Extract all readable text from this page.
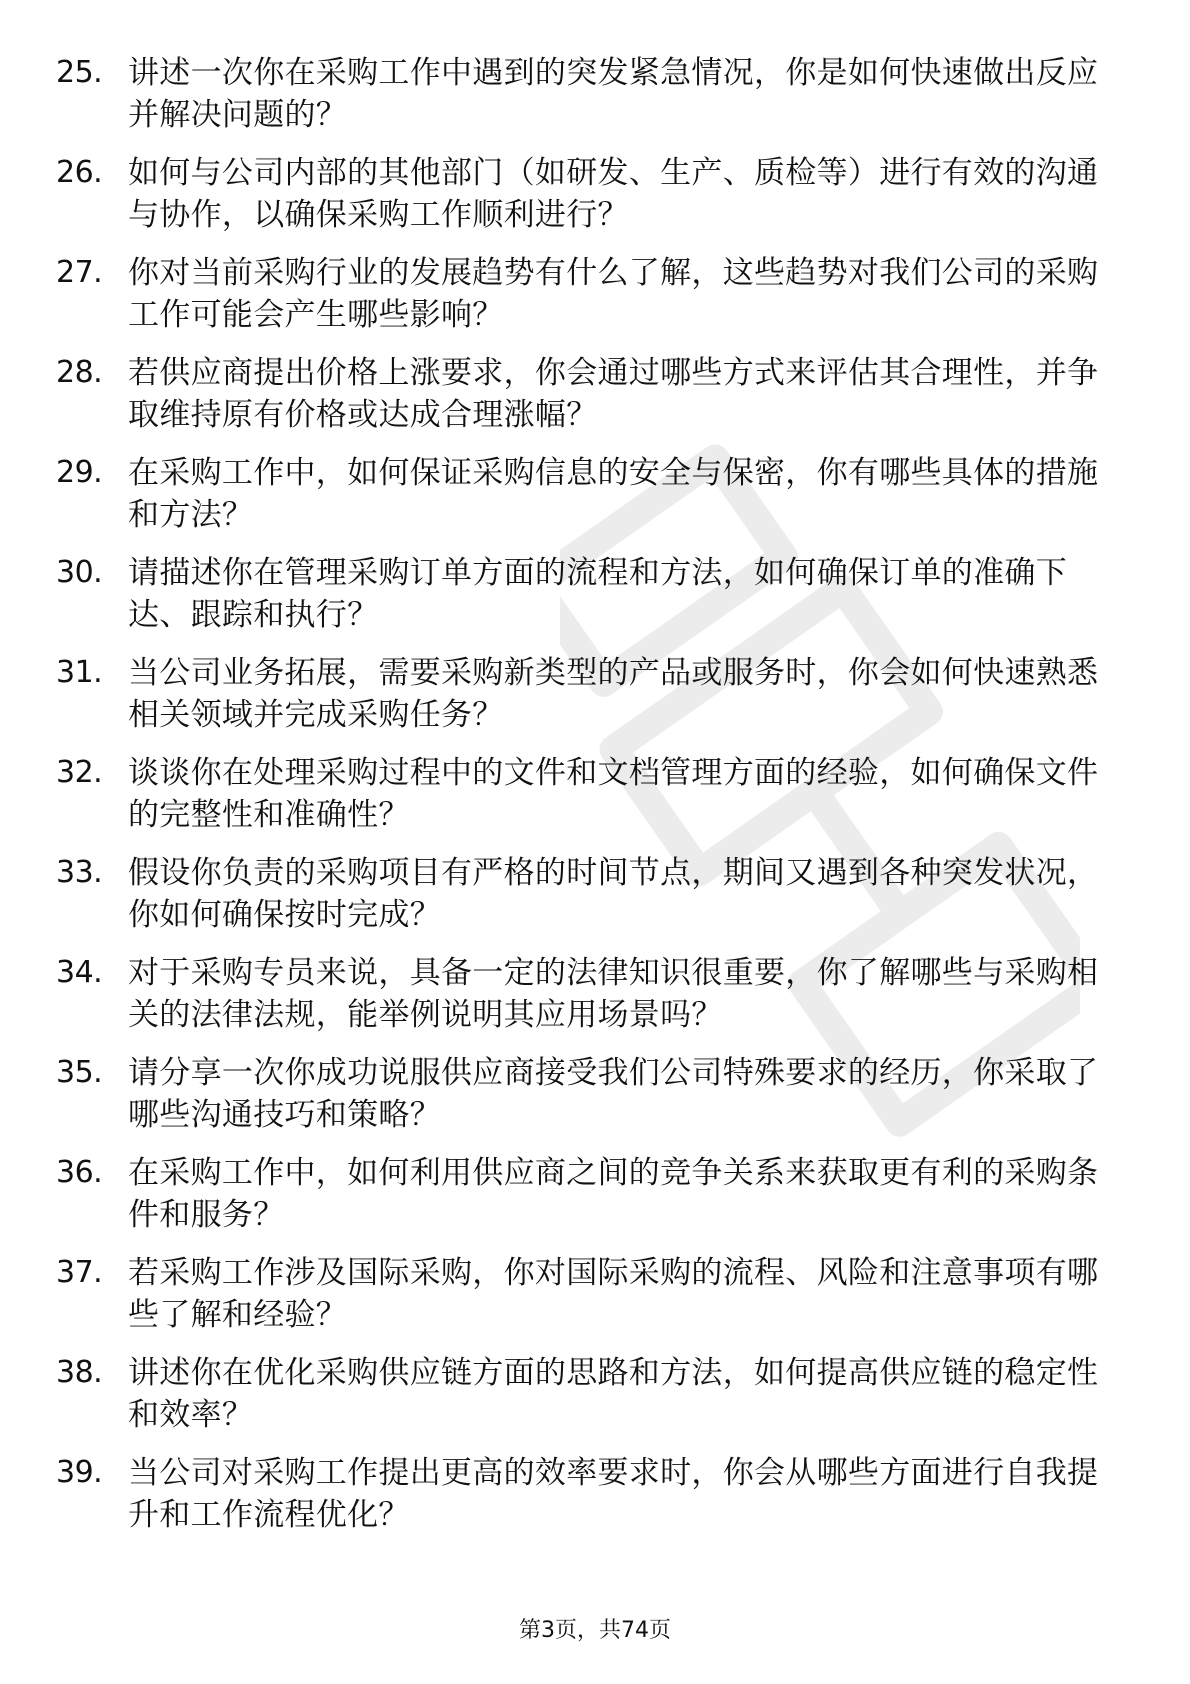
25. 讲述一次你在采购工作中遇到的突发紧急情况，你是如何快速做出反应并解决问题的？
26. 如何与公司内部的其他部门（如研发、生产、质检等）进行有效的沟通与协作，以确保采购工作顺利进行？
27. 你对当前采购行业的发展趋势有什么了解，这些趋势对我们公司的采购工作可能会产生哪些影响？
28. 若供应商提出价格上涨要求，你会通过哪些方式来评估其合理性，并争取维持原有价格或达成合理涨幅？
29. 在采购工作中，如何保证采购信息的安全与保密，你有哪些具体的措施和方法？
30. 请描述你在管理采购订单方面的流程和方法，如何确保订单的准确下达、跟踪和执行？
31. 当公司业务拓展，需要采购新类型的产品或服务时，你会如何快速熟悉相关领域并完成采购任务？
32. 谈谈你在处理采购过程中的文件和文档管理方面的经验，如何确保文件的完整性和准确性？
33. 假设你负责的采购项目有严格的时间节点，期间又遇到各种突发状况，你如何确保按时完成？
34. 对于采购专员来说，具备一定的法律知识很重要，你了解哪些与采购相关的法律法规，能举例说明其应用场景吗？
35. 请分享一次你成功说服供应商接受我们公司特殊要求的经历，你采取了哪些沟通技巧和策略？
36. 在采购工作中，如何利用供应商之间的竞争关系来获取更有利的采购条件和服务？
37. 若采购工作涉及国际采购，你对国际采购的流程、风险和注意事项有哪些了解和经验？
38. 讲述你在优化采购供应链方面的思路和方法，如何提高供应链的稳定性和效率？
39. 当公司对采购工作提出更高的效率要求时，你会从哪些方面进行自我提升和工作流程优化？
第3页，共74页
